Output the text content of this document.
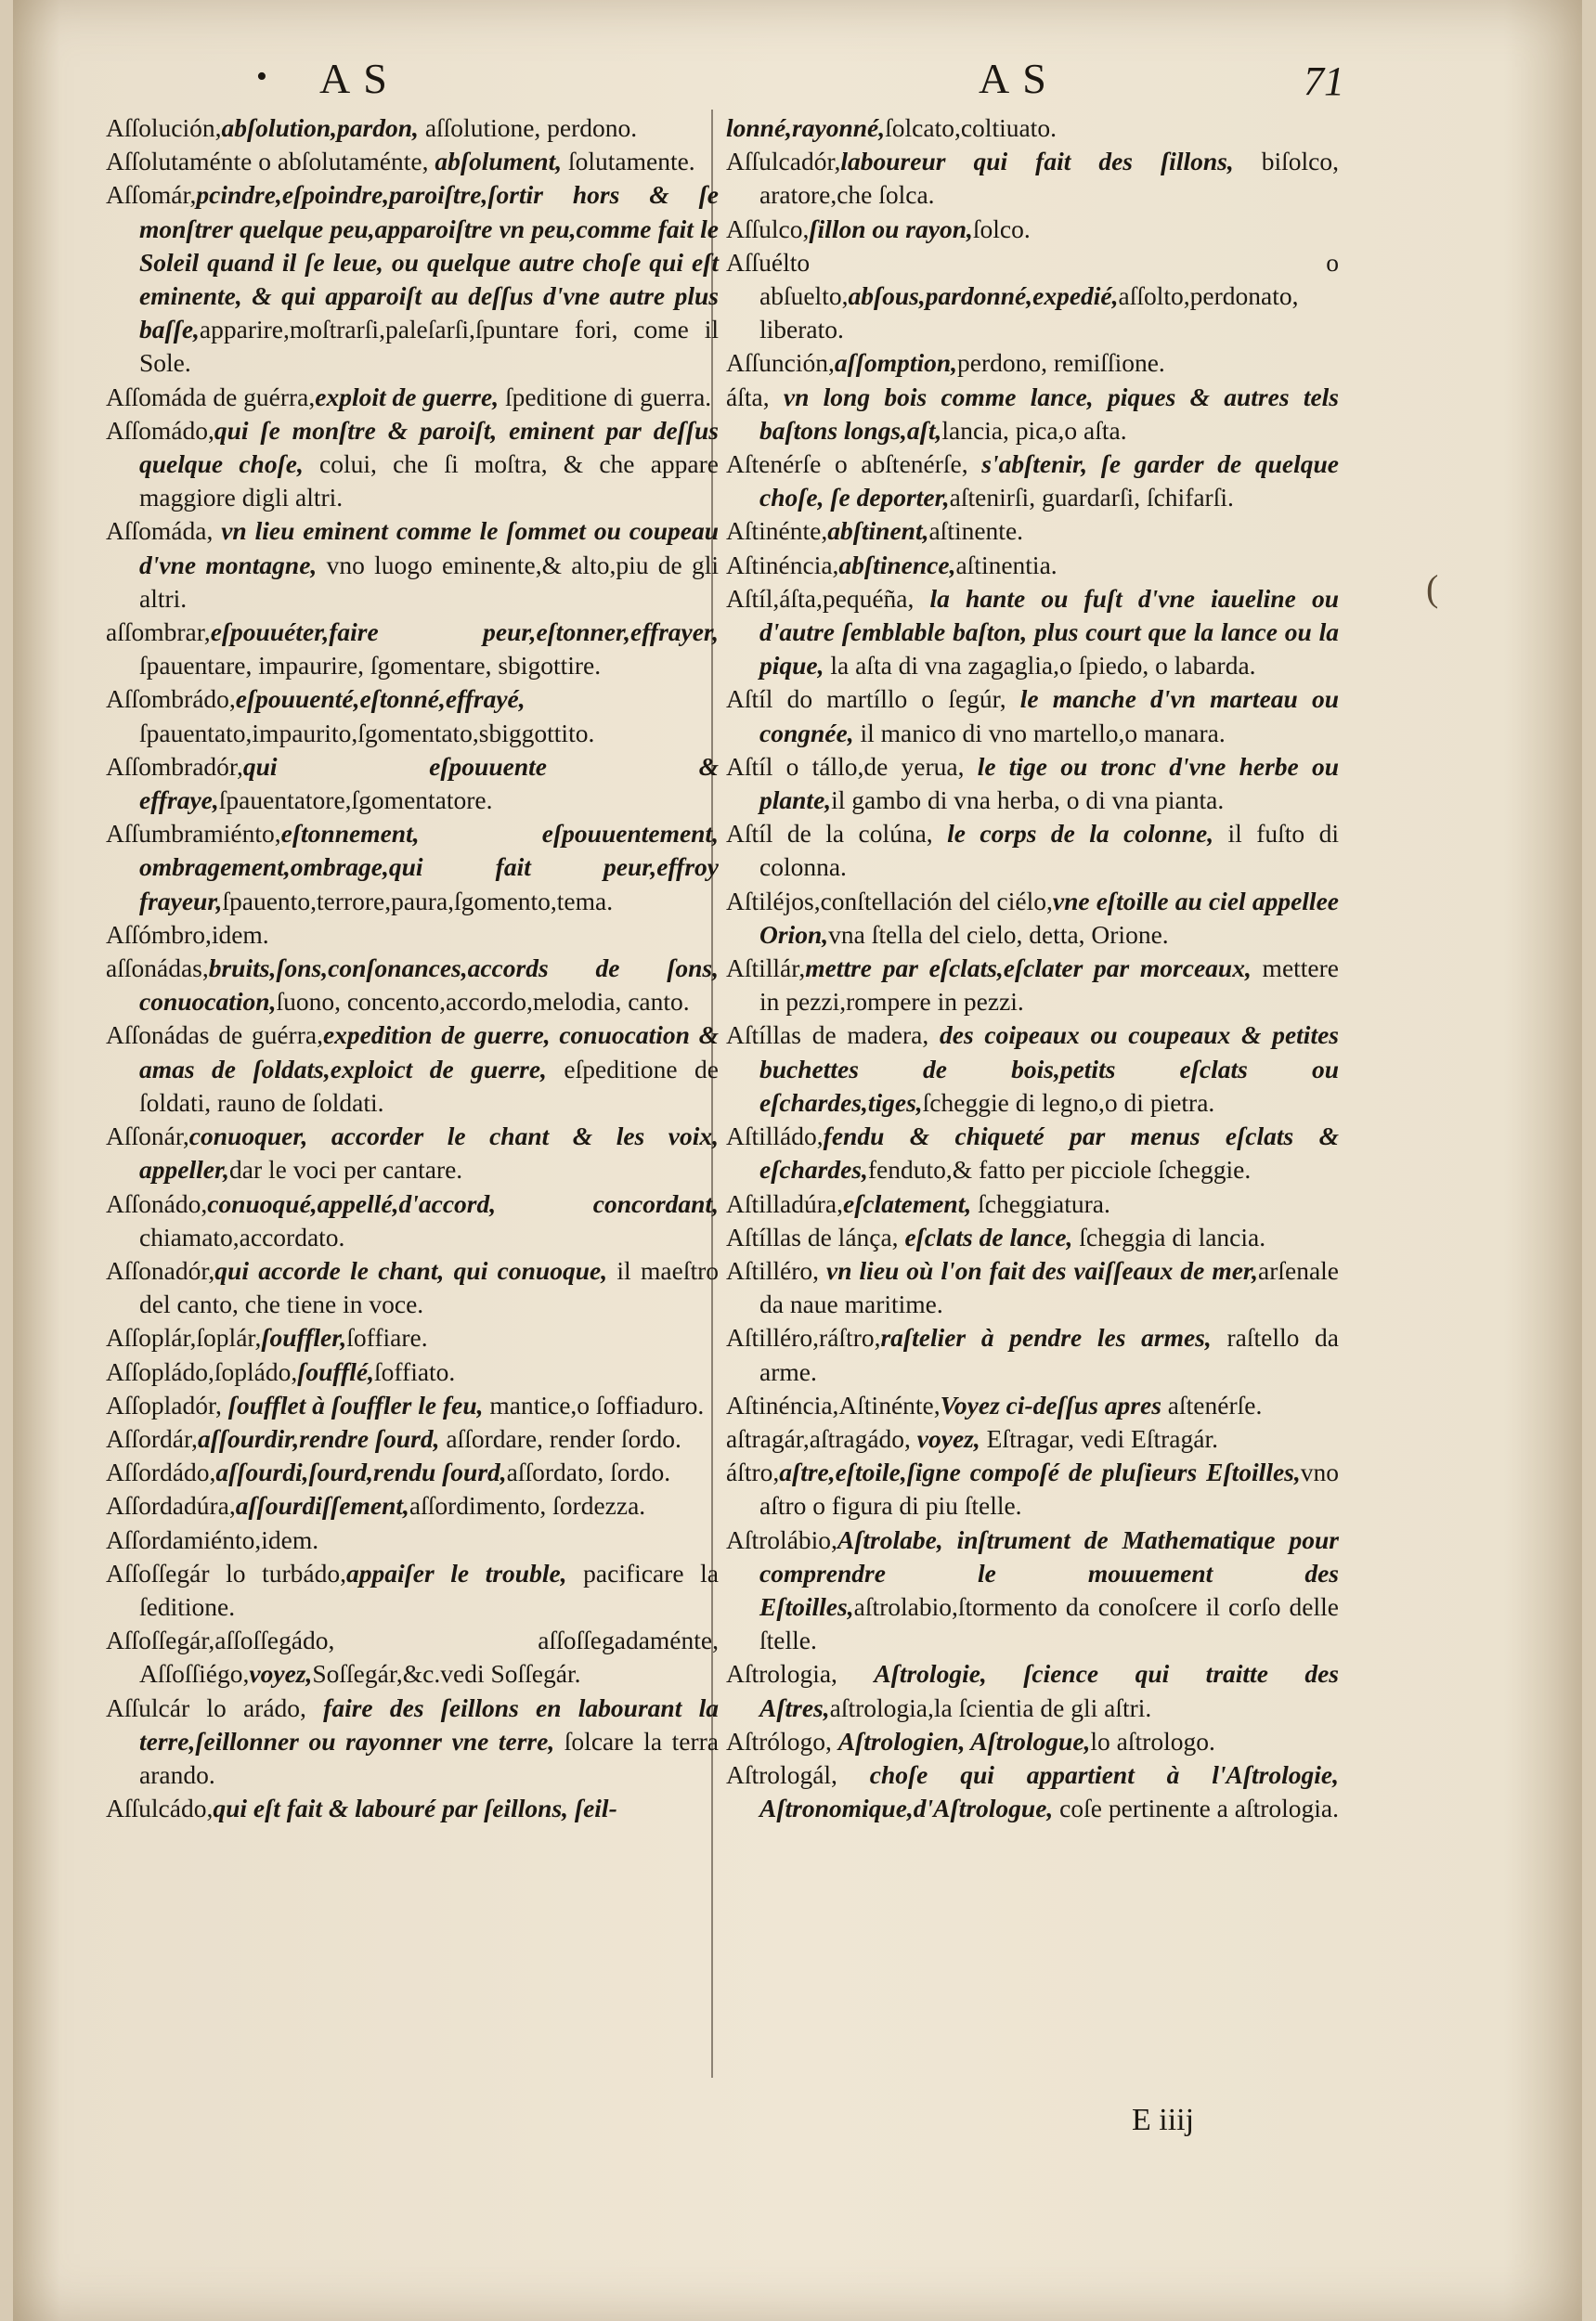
• AS	AS	71

Aſſolución,abſolution,pardon, aſſolutione, perdono.

Aſſolutaménte o abſolutaménte, abſolument, ſolutamente.

Aſſomár,pcindre,eſpoindre,paroiſtre,ſortir hors & ſe monſtrer quelque peu,apparoiſtre vn peu,comme fait le Soleil quand il ſe leue, ou quelque autre choſe qui eſt eminente, & qui apparoiſt au deſſus d'vne autre plus baſſe,apparire,moſtrarſi,paleſarſi,ſpuntare fori, come il Sole.

Aſſomáda de guérra,exploit de guerre, ſpeditione di guerra.

Aſſomádo,qui ſe monſtre & paroiſt, eminent par deſſus quelque choſe, colui, che ſi moſtra, & che appare maggiore digli altri.

Aſſomáda, vn lieu eminent comme le ſommet ou coupeau d'vne montagne, vno luogo eminente,& alto,piu de gli altri.

aſſombrar,eſpouuéter,faire peur,eſtonner,effrayer, ſpauentare, impaurire, ſgomentare, sbigottire.

Aſſombrádo,eſpouuenté,eſtonné,effrayé, ſpauentato,impaurito,ſgomentato,sbiggottito.

Aſſombradór,qui eſpouuente & effraye,ſpauentatore,ſgomentatore.

Aſſumbramiénto,eſtonnement, eſpouuentement, ombragement,ombrage,qui fait peur,effroy frayeur,ſpauento,terrore,paura,ſgomento,tema.

Aſſómbro,idem.

aſſonádas,bruits,ſons,conſonances,accords de ſons, conuocation,ſuono, concento,accordo,melodia, canto.

Aſſonádas de guérra,expedition de guerre, conuocation & amas de ſoldats,exploict de guerre, eſpeditione de ſoldati, rauno de ſoldati.

Aſſonár,conuoquer, accorder le chant & les voix, appeller,dar le voci per cantare.

Aſſonádo,conuoqué,appellé,d'accord, concordant, chiamato,accordato.

Aſſonadór,qui accorde le chant, qui conuoque, il maeſtro del canto, che tiene in voce.

Aſſoplár,ſoplár,ſouffler,ſoffiare.

Aſſopládo,ſopládo,ſoufflé,ſoffiato.

Aſſopladór, ſoufflet à ſouffler le feu, mantice,o ſoffiaduro.

Aſſordár,aſſourdir,rendre ſourd, aſſordare, render ſordo.

Aſſordádo,aſſourdi,ſourd,rendu ſourd,aſſordato, ſordo.

Aſſordadúra,aſſourdiſſement,aſſordimento, ſordezza.

Aſſordamiénto,idem.

Aſſoſſegár lo turbádo,appaiſer le trouble, pacificare la ſeditione.

Aſſoſſegár,aſſoſſegádo, aſſoſſegadaménte, Aſſoſſiégo,voyez,Soſſegár,&c.vedi Soſſegár.

Aſſulcár lo arádo, faire des ſeillons en labourant la terre,ſeillonner ou rayonner vne terre, ſolcare la terra arando.

Aſſulcádo,qui eſt fait & labouré par ſeillons, ſeil-

lonné,rayonné,ſolcato,coltiuato.

Aſſulcadór,laboureur qui fait des ſillons, biſolco, aratore,che ſolca.

Aſſulco,ſillon ou rayon,ſolco.

Aſſuélto o abſuelto,abſous,pardonné,expedié,aſſolto,perdonato, liberato.

Aſſunción,aſſomption,perdono, remiſſione.

áſta, vn long bois comme lance, piques & autres tels baſtons longs,aſt,lancia, pica,o aſta.

Aſtenérſe o abſtenérſe, s'abſtenir, ſe garder de quelque choſe, ſe deporter,aſtenirſi, guardarſi, ſchifarſi.

Aſtinénte,abſtinent,aſtinente.

Aſtinéncia,abſtinence,aſtinentia.

Aſtíl,áſta,pequéña, la hante ou fuſt d'vne iaueline ou d'autre ſemblable baſton, plus court que la lance ou la pique, la aſta di vna zagaglia,o ſpiedo, o labarda.

Aſtíl do martíllo o ſegúr, le manche d'vn marteau ou congnée, il manico di vno martello,o manara.

Aſtíl o tállo,de yerua, le tige ou tronc d'vne herbe ou plante,il gambo di vna herba, o di vna pianta.

Aſtíl de la colúna, le corps de la colonne, il fuſto di colonna.

Aſtiléjos,conſtellación del ciélo,vne eſtoille au ciel appellee Orion,vna ſtella del cielo, detta, Orione.

Aſtillár,mettre par eſclats,eſclater par morceaux, mettere in pezzi,rompere in pezzi.

Aſtíllas de madera, des coipeaux ou coupeaux & petites buchettes de bois,petits eſclats ou eſchardes,tiges,ſcheggie di legno,o di pietra.

Aſtilládo,fendu & chiqueté par menus eſclats & eſchardes,fenduto,& fatto per picciole ſcheggie.

Aſtilladúra,eſclatement, ſcheggiatura.

Aſtíllas de lánça, eſclats de lance, ſcheggia di lancia.

Aſtilléro, vn lieu où l'on fait des vaiſſeaux de mer,arſenale da naue maritime.

Aſtilléro,ráſtro,raſtelier à pendre les armes, raſtello da arme.

Aſtinéncia,Aſtinénte,Voyez ci-deſſus apres aſtenérſe.

aſtragár,aſtragádo, voyez, Eſtragar, vedi Eſtragár.

áſtro,aſtre,eſtoile,ſigne compoſé de pluſieurs Eſtoilles,vno aſtro o figura di piu ſtelle.

Aſtrolábio,Aſtrolabe, inſtrument de Mathematique pour comprendre le mouuement des Eſtoilles,aſtrolabio,ſtormento da conoſcere il corſo delle ſtelle.

Aſtrologia, Aſtrologie, ſcience qui traitte des Aſtres,aſtrologia,la ſcientia de gli aſtri.

Aſtrólogo, Aſtrologien, Aſtrologue,lo aſtrologo.

Aſtrologál, choſe qui appartient à l'Aſtrologie, Aſtronomique,d'Aſtrologue, coſe pertinente a aſtrologia.

(
E iiij
